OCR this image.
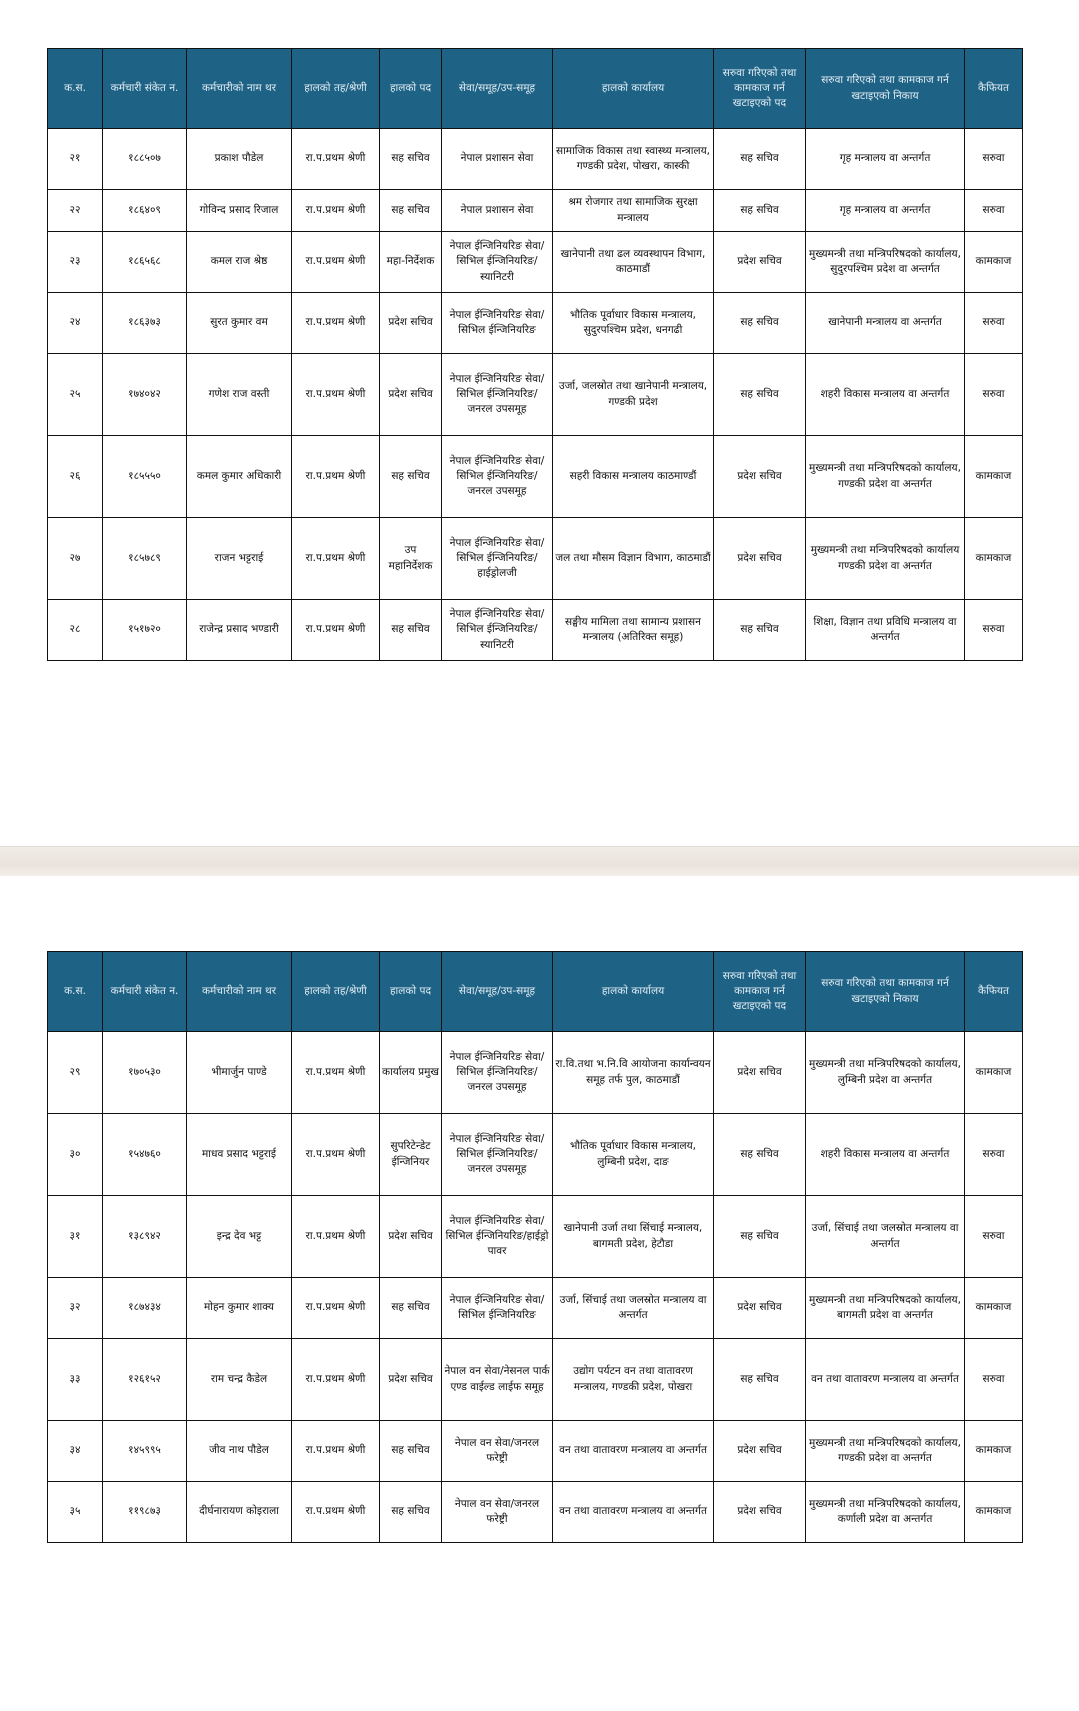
क.स.	कर्मचारी संकेत न.	कर्मचारीको नाम थर	हालको तह/श्रेणी	हालको पद	सेवा/समूह/उप-समूह	हालको कार्यालय	सरुवा गरिएको तथा कामकाज गर्न खटाइएको पद	सरुवा गरिएको तथा कामकाज गर्न खटाइएको निकाय	कैफियत
२१	१८८५०७	प्रकाश पौडेल	रा.प.प्रथम श्रेणी	सह सचिव	नेपाल प्रशासन सेवा	सामाजिक विकास तथा स्वास्थ्य मन्त्रालय, गण्डकी प्रदेश, पोखरा, कास्की	सह सचिव	गृह मन्त्रालय वा अन्तर्गत	सरुवा
२२	१८६४०९	गोविन्द प्रसाद रिजाल	रा.प.प्रथम श्रेणी	सह सचिव	नेपाल प्रशासन सेवा	श्रम रोजगार तथा सामाजिक सुरक्षा मन्त्रालय	सह सचिव	गृह मन्त्रालय वा अन्तर्गत	सरुवा
२३	१८६५६८	कमल राज श्रेष्ठ	रा.प.प्रथम श्रेणी	महा-निर्देशक	नेपाल ईन्जिनियरिङ सेवा/सिभिल ईन्जिनियरिङ/स्यानिटरी	खानेपानी तथा ढल व्यवस्थापन विभाग, काठमाडौं	प्रदेश सचिव	मुख्यमन्त्री तथा मन्त्रिपरिषदको कार्यालय, सुदुरपश्चिम प्रदेश वा अन्तर्गत	कामकाज
२४	१८६३७३	सुरत कुमार वम	रा.प.प्रथम श्रेणी	प्रदेश सचिव	नेपाल ईन्जिनियरिङ सेवा/सिभिल ईन्जिनियरिङ	भौतिक पूर्वाधार विकास मन्त्रालय, सुदुरपश्चिम प्रदेश, धनगढी	सह सचिव	खानेपानी मन्त्रालय वा अन्तर्गत	सरुवा
२५	१७४०४२	गणेश राज वस्ती	रा.प.प्रथम श्रेणी	प्रदेश सचिव	नेपाल ईन्जिनियरिङ सेवा/सिभिल ईन्जिनियरिङ/जनरल उपसमूह	उर्जा, जलस्रोत तथा खानेपानी मन्त्रालय, गण्डकी प्रदेश	सह सचिव	शहरी विकास मन्त्रालय वा अन्तर्गत	सरुवा
२६	१८५५५०	कमल कुमार अधिकारी	रा.प.प्रथम श्रेणी	सह सचिव	नेपाल ईन्जिनियरिङ सेवा/सिभिल ईन्जिनियरिङ/जनरल उपसमूह	सहरी विकास मन्त्रालय काठमाण्डौं	प्रदेश सचिव	मुख्यमन्त्री तथा मन्त्रिपरिषदको कार्यालय, गण्डकी प्रदेश वा अन्तर्गत	कामकाज
२७	१८५७८९	राजन भट्टराई	रा.प.प्रथम श्रेणी	उप महानिर्देशक	नेपाल ईन्जिनियरिङ सेवा/सिभिल ईन्जिनियरिङ/हाईड्रोलजी	जल तथा मौसम विज्ञान विभाग, काठमाडौं	प्रदेश सचिव	मुख्यमन्त्री तथा मन्त्रिपरिषदको कार्यालय गण्डकी प्रदेश वा अन्तर्गत	कामकाज
२८	१५१७२०	राजेन्द्र प्रसाद भण्डारी	रा.प.प्रथम श्रेणी	सह सचिव	नेपाल ईन्जिनियरिङ सेवा/सिभिल ईन्जिनियरिङ/स्यानिटरी	सङ्घीय मामिला तथा सामान्य प्रशासन मन्त्रालय (अतिरिक्त समूह)	सह सचिव	शिक्षा, विज्ञान तथा प्रविधि मन्त्रालय वा अन्तर्गत	सरुवा
क.स.	कर्मचारी संकेत न.	कर्मचारीको नाम थर	हालको तह/श्रेणी	हालको पद	सेवा/समूह/उप-समूह	हालको कार्यालय	सरुवा गरिएको तथा कामकाज गर्न खटाइएको पद	सरुवा गरिएको तथा कामकाज गर्न खटाइएको निकाय	कैफियत
२९	१७०५३०	भीमार्जुन पाण्डे	रा.प.प्रथम श्रेणी	कार्यालय प्रमुख	नेपाल ईन्जिनियरिङ सेवा/सिभिल ईन्जिनियरिङ/जनरल उपसमूह	रा.वि.तथा भ.नि.वि आयोजना कार्यान्वयन समूह तर्फ पुल, काठमाडौं	प्रदेश सचिव	मुख्यमन्त्री तथा मन्त्रिपरिषदको कार्यालय, लुम्बिनी प्रदेश वा अन्तर्गत	कामकाज
३०	१५४७६०	माधव प्रसाद भट्टराई	रा.प.प्रथम श्रेणी	सुपरिटेन्डेट ईन्जिनियर	नेपाल ईन्जिनियरिङ सेवा/सिभिल ईन्जिनियरिङ/जनरल उपसमूह	भौतिक पूर्वाधार विकास मन्त्रालय, लुम्बिनी प्रदेश, दाङ	सह सचिव	शहरी विकास मन्त्रालय वा अन्तर्गत	सरुवा
३१	१३८९४२	इन्द्र देव भट्ट	रा.प.प्रथम श्रेणी	प्रदेश सचिव	नेपाल ईन्जिनियरिङ सेवा/सिभिल ईन्जिनियरिङ/हाईड्रो पावर	खानेपानी उर्जा तथा सिंचाई मन्त्रालय, बागमती प्रदेश, हेटौडा	सह सचिव	उर्जा, सिंचाई तथा जलस्रोत मन्त्रालय वा अन्तर्गत	सरुवा
३२	१८७४३४	मोहन कुमार शाक्य	रा.प.प्रथम श्रेणी	सह सचिव	नेपाल ईन्जिनियरिङ सेवा/सिभिल ईन्जिनियरिङ	उर्जा, सिंचाई तथा जलस्रोत मन्त्रालय वा अन्तर्गत	प्रदेश सचिव	मुख्यमन्त्री तथा मन्त्रिपरिषदको कार्यालय, बागमती प्रदेश वा अन्तर्गत	कामकाज
३३	१२६१५२	राम चन्द्र कैडेल	रा.प.प्रथम श्रेणी	प्रदेश सचिव	नेपाल वन सेवा/नेसनल पार्क एण्ड वाईल्ड लाईफ समूह	उद्योग पर्यटन वन तथा वातावरण मन्त्रालय, गण्डकी प्रदेश, पोखरा	सह सचिव	वन तथा वातावरण मन्त्रालय वा अन्तर्गत	सरुवा
३४	१४५९९५	जीव नाथ पौडेल	रा.प.प्रथम श्रेणी	सह सचिव	नेपाल वन सेवा/जनरल फरेष्ट्री	वन तथा वातावरण मन्त्रालय वा अन्तर्गत	प्रदेश सचिव	मुख्यमन्त्री तथा मन्त्रिपरिषदको कार्यालय, गण्डकी प्रदेश वा अन्तर्गत	कामकाज
३५	११९८७३	दीर्घनारायण कोइराला	रा.प.प्रथम श्रेणी	सह सचिव	नेपाल वन सेवा/जनरल फरेष्ट्री	वन तथा वातावरण मन्त्रालय वा अन्तर्गत	प्रदेश सचिव	मुख्यमन्त्री तथा मन्त्रिपरिषदको कार्यालय, कर्णाली प्रदेश वा अन्तर्गत	कामकाज
